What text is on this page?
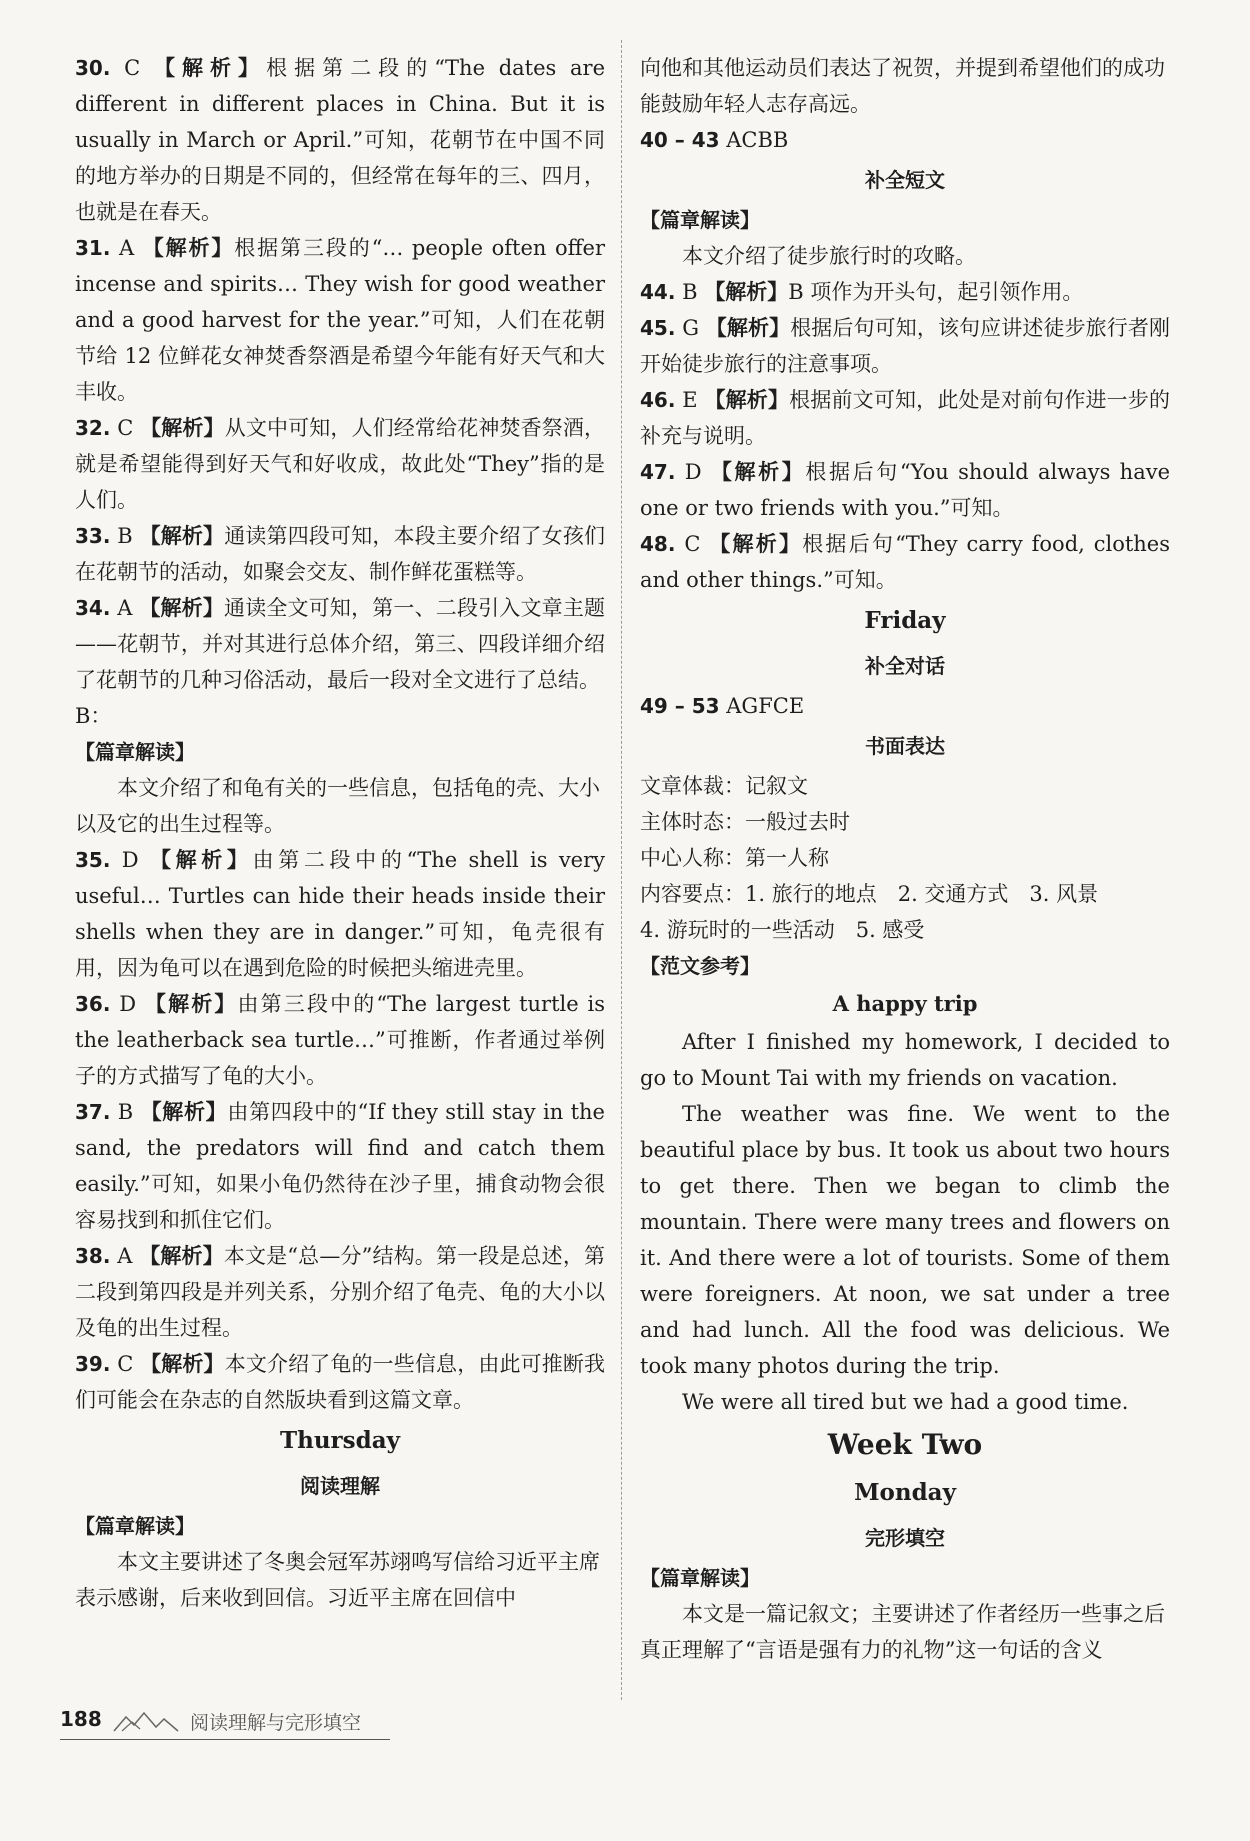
30. C 【解析】根据第二段的“The dates are different in different places in China. But it is usually in March or April.”可知，花朝节在中国不同的地方举办的日期是不同的，但经常在每年的三、四月，也就是在春天。

31. A 【解析】根据第三段的“… people often offer incense and spirits… They wish for good weather and a good harvest for the year.”可知，人们在花朝节给 12 位鲜花女神焚香祭酒是希望今年能有好天气和大丰收。

32. C 【解析】从文中可知，人们经常给花神焚香祭酒，就是希望能得到好天气和好收成，故此处“They”指的是人们。

33. B 【解析】通读第四段可知，本段主要介绍了女孩们在花朝节的活动，如聚会交友、制作鲜花蛋糕等。

34. A 【解析】通读全文可知，第一、二段引入文章主题——花朝节，并对其进行总体介绍，第三、四段详细介绍了花朝节的几种习俗活动，最后一段对全文进行了总结。

B：

【篇章解读】

本文介绍了和龟有关的一些信息，包括龟的壳、大小以及它的出生过程等。

35. D 【解析】由第二段中的“The shell is very useful… Turtles can hide their heads inside their shells when they are in danger.”可知，龟壳很有用，因为龟可以在遇到危险的时候把头缩进壳里。

36. D 【解析】由第三段中的“The largest turtle is the leatherback sea turtle…”可推断，作者通过举例子的方式描写了龟的大小。

37. B 【解析】由第四段中的“If they still stay in the sand, the predators will find and catch them easily.”可知，如果小龟仍然待在沙子里，捕食动物会很容易找到和抓住它们。

38. A 【解析】本文是“总—分”结构。第一段是总述，第二段到第四段是并列关系，分别介绍了龟壳、龟的大小以及龟的出生过程。

39. C 【解析】本文介绍了龟的一些信息，由此可推断我们可能会在杂志的自然版块看到这篇文章。

Thursday

阅读理解

【篇章解读】

本文主要讲述了冬奥会冠军苏翊鸣写信给习近平主席表示感谢，后来收到回信。习近平主席在回信中

向他和其他运动员们表达了祝贺，并提到希望他们的成功能鼓励年轻人志存高远。

40 – 43 ACBB

补全短文

【篇章解读】

本文介绍了徒步旅行时的攻略。

44. B 【解析】B 项作为开头句，起引领作用。

45. G 【解析】根据后句可知，该句应讲述徒步旅行者刚开始徒步旅行的注意事项。

46. E 【解析】根据前文可知，此处是对前句作进一步的补充与说明。

47. D 【解析】根据后句“You should always have one or two friends with you.”可知。

48. C 【解析】根据后句“They carry food, clothes and other things.”可知。

Friday

补全对话

49 – 53 AGFCE

书面表达

文章体裁：记叙文

主体时态：一般过去时

中心人称：第一人称

内容要点：1. 旅行的地点　2. 交通方式　3. 风景

4. 游玩时的一些活动　5. 感受

【范文参考】

A happy trip

After I finished my homework, I decided to go to Mount Tai with my friends on vacation.

The weather was fine. We went to the beautiful place by bus. It took us about two hours to get there. Then we began to climb the mountain. There were many trees and flowers on it. And there were a lot of tourists. Some of them were foreigners. At noon, we sat under a tree and had lunch. All the food was delicious. We took many photos during the trip.

We were all tired but we had a good time.

Week Two

Monday

完形填空

【篇章解读】

本文是一篇记叙文；主要讲述了作者经历一些事之后真正理解了“言语是强有力的礼物”这一句话的含义

188	阅读理解与完形填空
